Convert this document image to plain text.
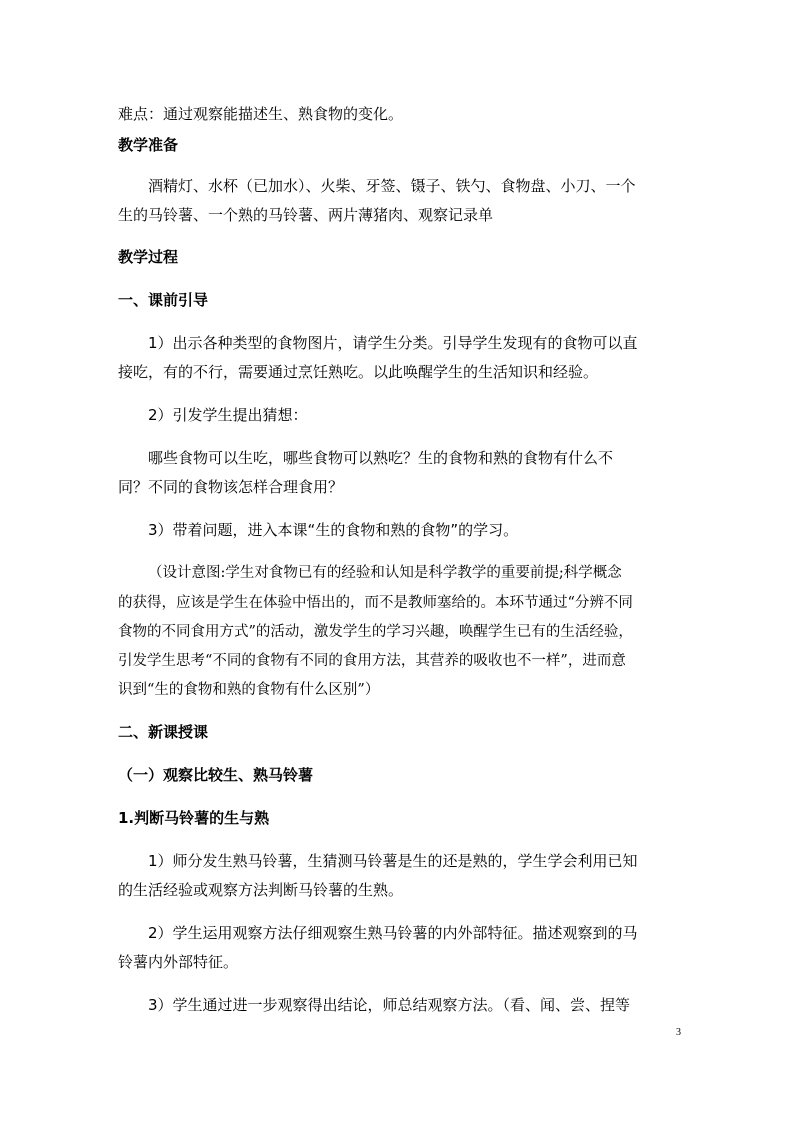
难点：通过观察能描述生、熟食物的变化。
教学准备
酒精灯、水杯（已加水）、火柴、牙签、镊子、铁勺、食物盘、小刀、一个
生的马铃薯、一个熟的马铃薯、两片薄猪肉、观察记录单
教学过程
一、课前引导
1）出示各种类型的食物图片，请学生分类。引导学生发现有的食物可以直
接吃，有的不行，需要通过烹饪熟吃。以此唤醒学生的生活知识和经验。
2）引发学生提出猜想：
哪些食物可以生吃，哪些食物可以熟吃？生的食物和熟的食物有什么不
同？不同的食物该怎样合理食用？
3）带着问题，进入本课“生的食物和熟的食物”的学习。
（设计意图:学生对食物已有的经验和认知是科学教学的重要前提;科学概念
的获得，应该是学生在体验中悟出的，而不是教师塞给的。本环节通过“分辨不同
食物的不同食用方式”的活动，激发学生的学习兴趣，唤醒学生已有的生活经验，
引发学生思考“不同的食物有不同的食用方法，其营养的吸收也不一样”，进而意
识到“生的食物和熟的食物有什么区别”）
二、新课授课
（一）观察比较生、熟马铃薯
1.判断马铃薯的生与熟
1）师分发生熟马铃薯，生猜测马铃薯是生的还是熟的，学生学会利用已知
的生活经验或观察方法判断马铃薯的生熟。
2）学生运用观察方法仔细观察生熟马铃薯的内外部特征。描述观察到的马
铃薯内外部特征。
3）学生通过进一步观察得出结论，师总结观察方法。（看、闻、尝、捏等
3
